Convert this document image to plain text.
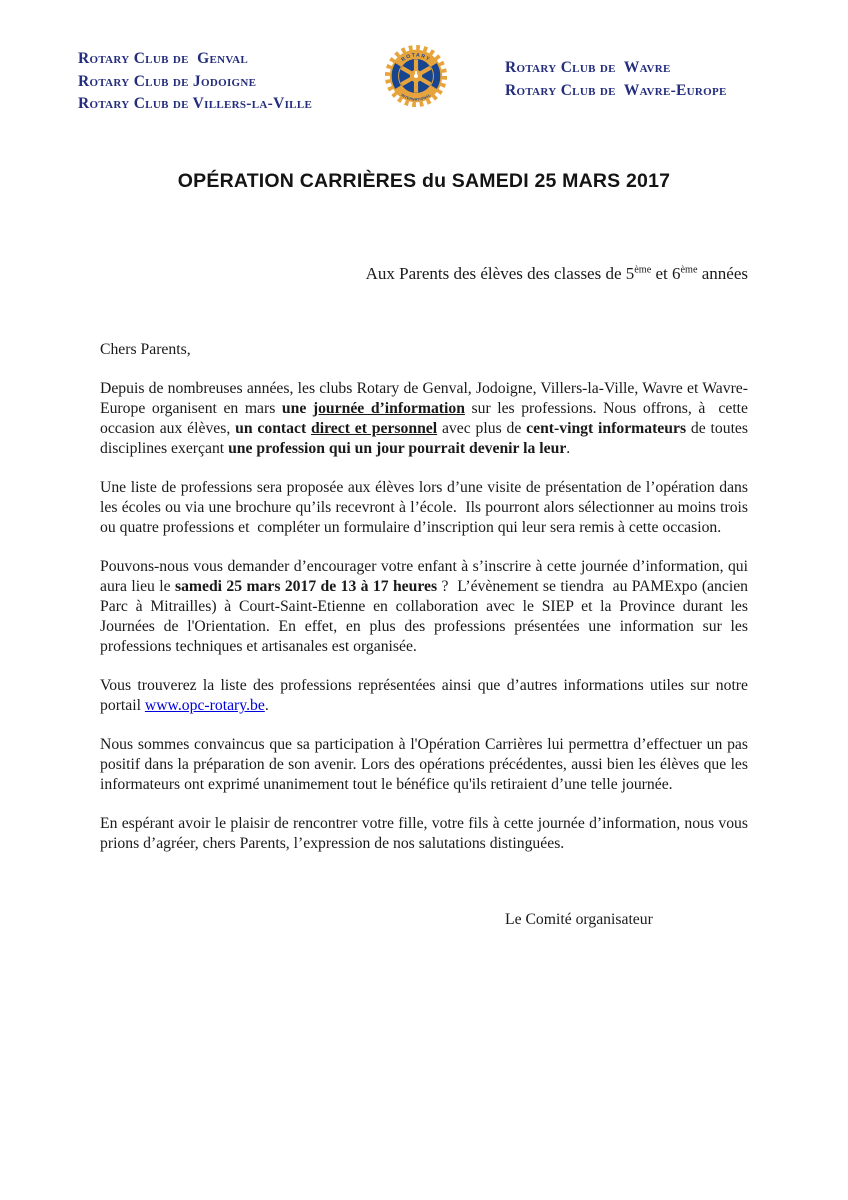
Rotary Club de  Genval
Rotary Club de Jodoigne
Rotary Club de Villers-la-Ville
ROTARY
INTERNATIONAL
Rotary Club de  Wavre
Rotary Club de  Wavre-Europe
OPÉRATION CARRIÈRES du SAMEDI 25 MARS 2017
Aux Parents des élèves des classes de 5ème et 6ème années

Chers Parents,

Depuis de nombreuses années, les clubs Rotary de Genval, Jodoigne, Villers-la-Ville, Wavre et Wavre-Europe organisent en mars une journée d’information sur les professions. Nous offrons, à  cette occasion aux élèves, un contact direct et personnel avec plus de cent-vingt informateurs de toutes disciplines exerçant une profession qui un jour pourrait devenir la leur.

Une liste de professions sera proposée aux élèves lors d’une visite de présentation de l’opération dans les écoles ou via une brochure qu’ils recevront à l’école.  Ils pourront alors sélectionner au moins trois ou quatre professions et  compléter un formulaire d’inscription qui leur sera remis à cette occasion.

Pouvons-nous vous demander d’encourager votre enfant à s’inscrire à cette journée d’information, qui aura lieu le samedi 25 mars 2017 de 13 à 17 heures ?  L’évènement se tiendra  au PAMExpo (ancien Parc à Mitrailles) à Court-Saint-Etienne en collaboration avec le SIEP et la Province durant les Journées de l'Orientation. En effet, en plus des professions présentées une information sur les professions techniques et artisanales est organisée.

Vous trouverez la liste des professions représentées ainsi que d’autres informations utiles sur notre portail www.opc-rotary.be.

Nous sommes convaincus que sa participation à l'Opération Carrières lui permettra d’effectuer un pas positif dans la préparation de son avenir. Lors des opérations précédentes, aussi bien les élèves que les informateurs ont exprimé unanimement tout le bénéfice qu'ils retiraient d’une telle journée.

En espérant avoir le plaisir de rencontrer votre fille, votre fils à cette journée d’information, nous vous prions d’agréer, chers Parents, l’expression de nos salutations distinguées.

Le Comité organisateur
